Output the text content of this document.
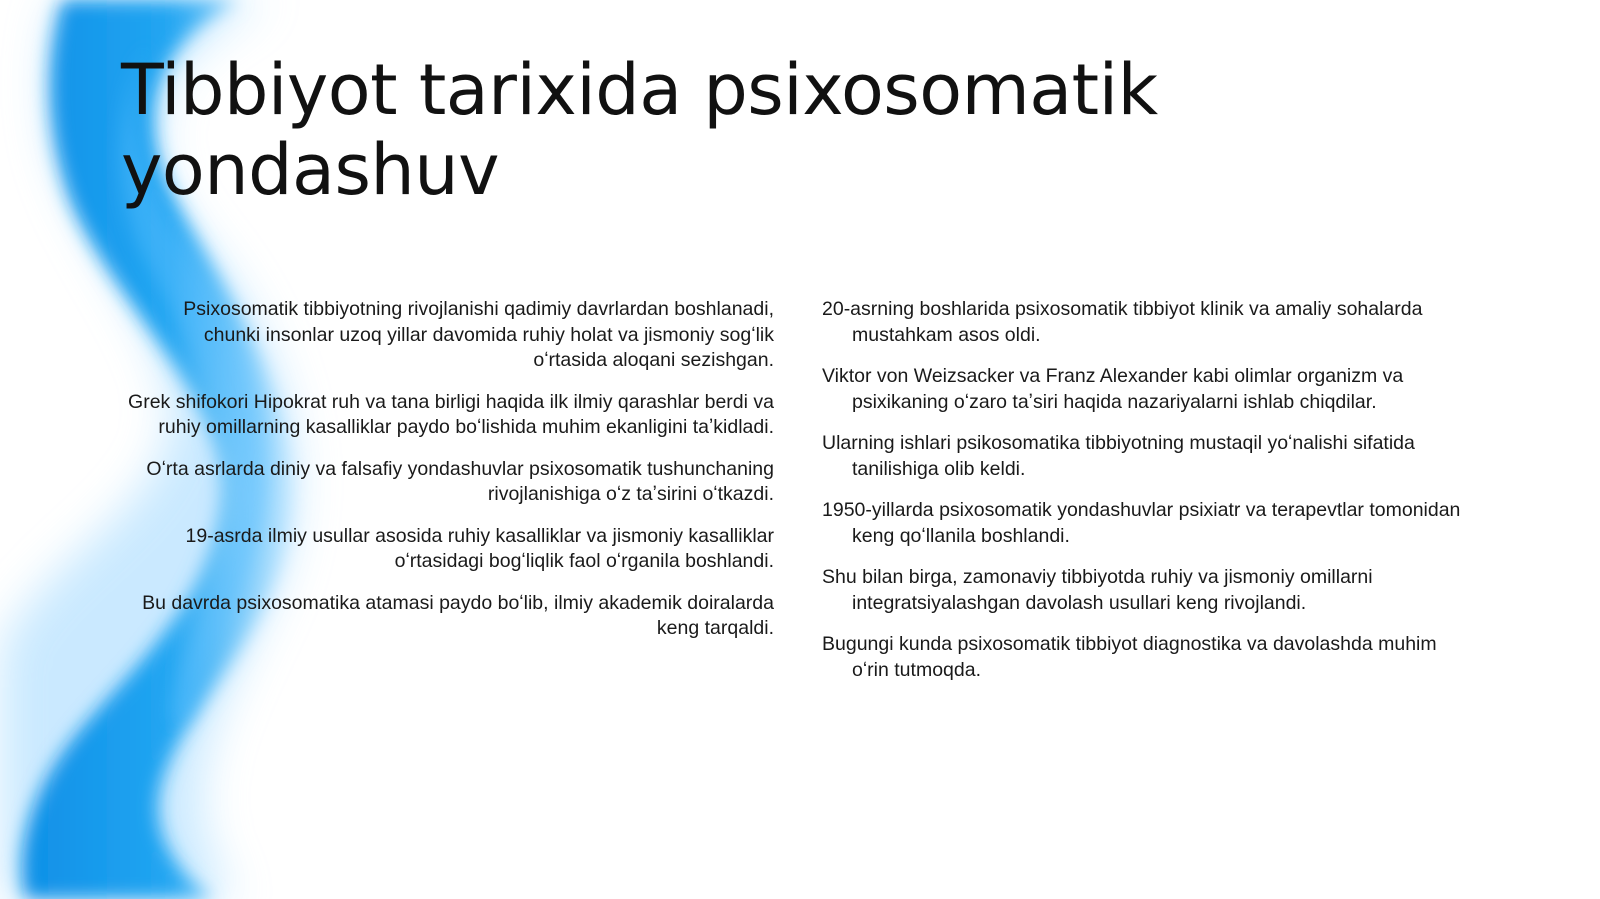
Tibbiyot tarixida psixosomatik yondashuv

Psixosomatik tibbiyotning rivojlanishi qadimiy davrlardan boshlanadi, chunki insonlar uzoq yillar davomida ruhiy holat va jismoniy sogʻlik oʻrtasida aloqani sezishgan.

Grek shifokori Hipokrat ruh va tana birligi haqida ilk ilmiy qarashlar berdi va ruhiy omillarning kasalliklar paydo boʻlishida muhim ekanligini taʼkidladi.

Oʻrta asrlarda diniy va falsafiy yondashuvlar psixosomatik tushunchaning rivojlanishiga oʻz taʼsirini oʻtkazdi.

19-asrda ilmiy usullar asosida ruhiy kasalliklar va jismoniy kasalliklar oʻrtasidagi bogʻliqlik faol oʻrganila boshlandi.

Bu davrda psixosomatika atamasi paydo boʻlib, ilmiy akademik doiralarda keng tarqaldi.

20-asrning boshlarida psixosomatik tibbiyot klinik va amaliy sohalarda mustahkam asos oldi.

Viktor von Weizsacker va Franz Alexander kabi olimlar organizm va psixikaning oʻzaro taʼsiri haqida nazariyalarni ishlab chiqdilar.

Ularning ishlari psikosomatika tibbiyotning mustaqil yoʻnalishi sifatida tanilishiga olib keldi.

1950-yillarda psixosomatik yondashuvlar psixiatr va terapevtlar tomonidan keng qoʻllanila boshlandi.

Shu bilan birga, zamonaviy tibbiyotda ruhiy va jismoniy omillarni integratsiyalashgan davolash usullari keng rivojlandi.

Bugungi kunda psixosomatik tibbiyot diagnostika va davolashda muhim oʻrin tutmoqda.
